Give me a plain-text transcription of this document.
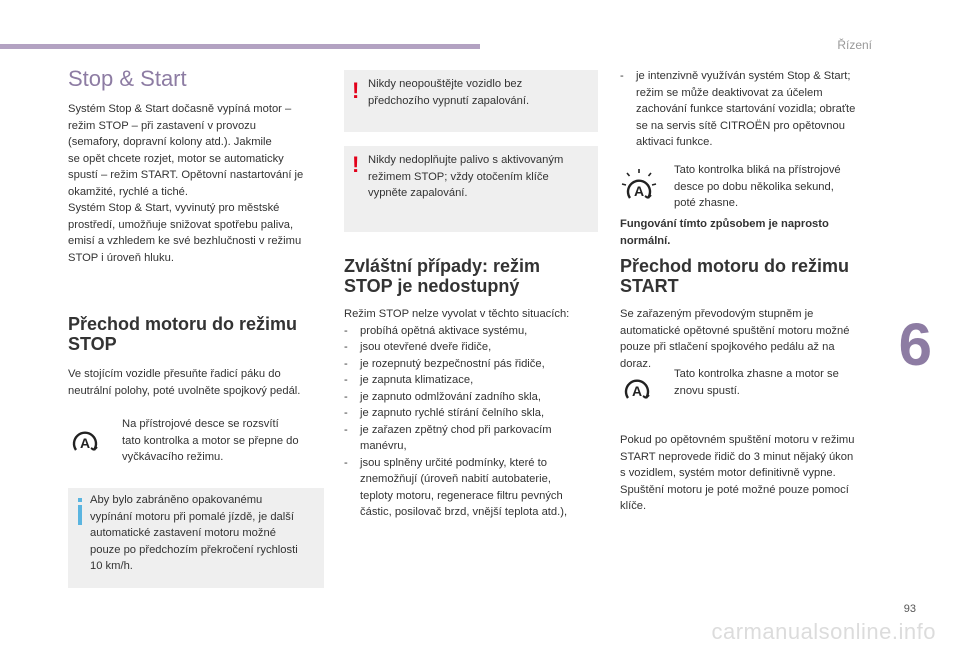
Řízení
6
93
carmanualsonline.info
Stop & Start
Systém Stop & Start dočasně vypíná motor –
režim STOP – při zastavení v provozu
(semafory, dopravní kolony atd.). Jakmile
se opět chcete rozjet, motor se automaticky
spustí – režim START. Opětovní nastartování je
okamžité, rychlé a tiché.
Systém Stop & Start, vyvinutý pro městské
prostředí, umožňuje snižovat spotřebu paliva,
emisí a vzhledem ke své bezhlučnosti v režimu
STOP i úroveň hluku.
Přechod motoru do režimu
STOP
Ve stojícím vozidle přesuňte řadicí páku do
neutrální polohy, poté uvolněte spojkový pedál.
A
Na přístrojové desce se rozsvítí
tato kontrolka a motor se přepne do
vyčkávacího režimu.
Aby bylo zabráněno opakovanému
vypínání motoru při pomalé jízdě, je další
automatické zastavení motoru možné
pouze po předchozím překročení rychlosti
10 km/h.
! Nikdy neopouštějte vozidlo bez
předchozího vypnutí zapalování.
! Nikdy nedoplňujte palivo s aktivovaným
režimem STOP; vždy otočením klíče
vypněte zapalování.
Zvláštní případy: režim
STOP je nedostupný
Režim STOP nelze vyvolat v těchto situacích:
-	probíhá opětná aktivace systému,
-	jsou otevřené dveře řidiče,
-	je rozepnutý bezpečnostní pás řidiče,
-	je zapnuta klimatizace,
-	je zapnuto odmlžování zadního skla,
-	je zapnuto rychlé stírání čelního skla,
-	je zařazen zpětný chod při parkovacím
manévru,
-	jsou splněny určité podmínky, které to
znemožňují (úroveň nabití autobaterie,
teploty motoru, regenerace filtru pevných
částic, posilovač brzd, vnější teplota atd.),
-	je intenzivně využíván systém Stop & Start;
režim se může deaktivovat za účelem
zachování funkce startování vozidla; obraťte
se na servis sítě CITROËN pro opětovnou
aktivaci funkce.
A
Tato kontrolka bliká na přístrojové
desce po dobu několika sekund,
poté zhasne.
Fungování tímto způsobem je naprosto
normální.
Přechod motoru do režimu
START
Se zařazeným převodovým stupněm je
automatické opětovné spuštění motoru možné
pouze při stlačení spojkového pedálu až na
doraz.
A
Tato kontrolka zhasne a motor se
znovu spustí.
Pokud po opětovném spuštění motoru v režimu
START neprovede řidič do 3 minut nějaký úkon
s vozidlem, systém motor definitivně vypne.
Spuštění motoru je poté možné pouze pomocí
klíče.
